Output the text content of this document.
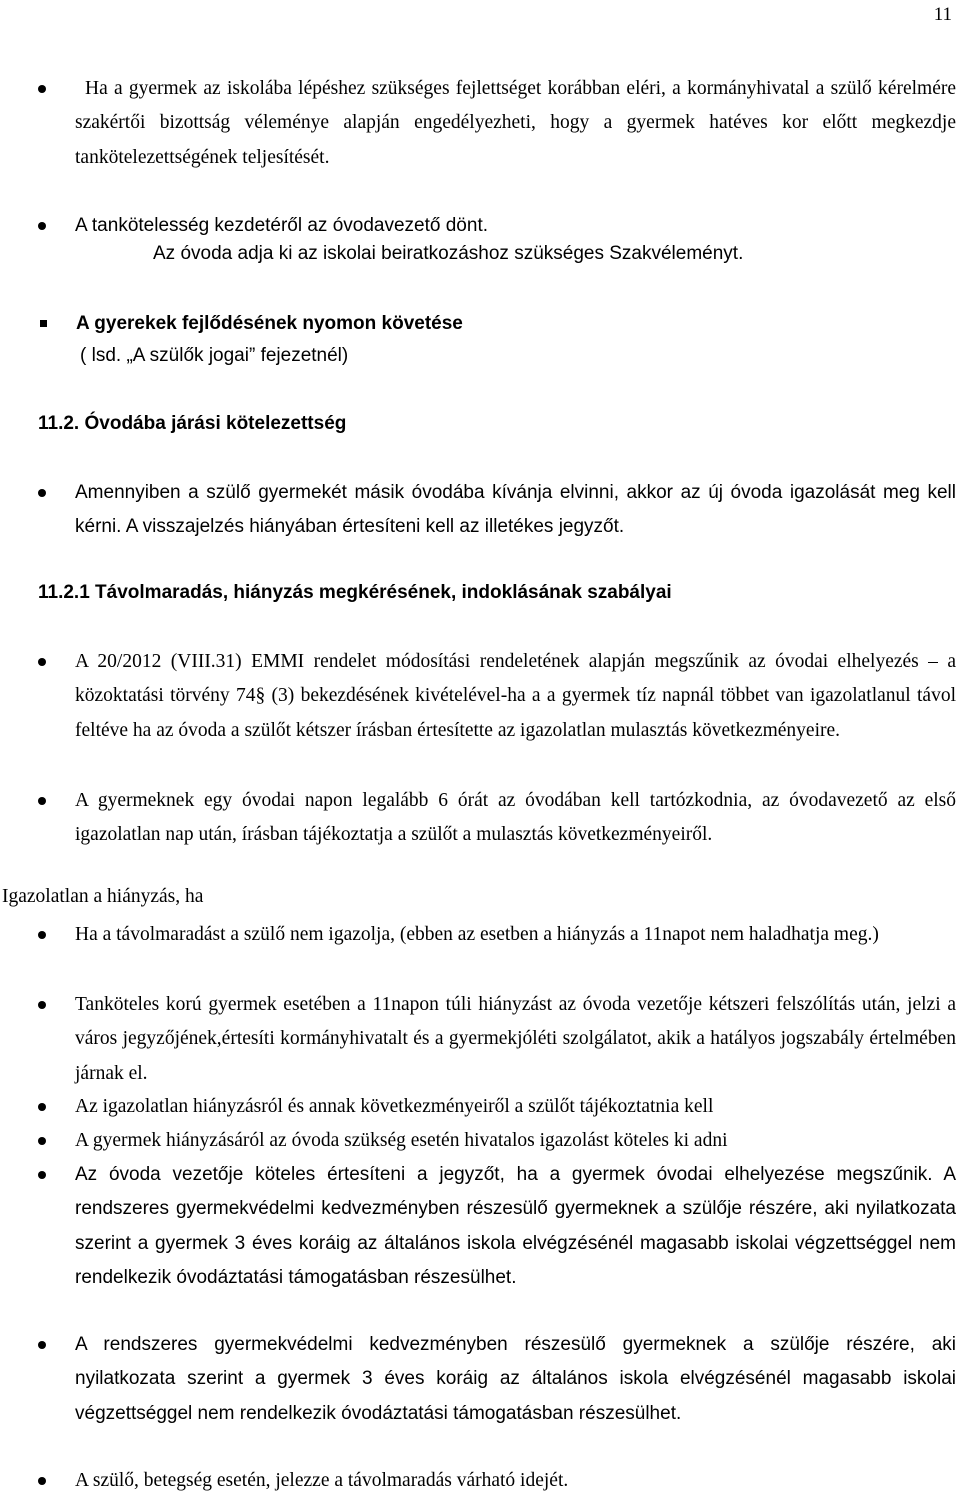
11
Ha a gyermek az iskolába lépéshez szükséges fejlettséget korábban eléri, a kormányhivatal a szülő kérelmére szakértői bizottság véleménye alapján engedélyezheti, hogy a gyermek hatéves kor előtt megkezdje tankötelezettségének teljesítését.
A tankötelesség kezdetéről az óvodavezető dönt.
Az óvoda adja ki az iskolai beiratkozáshoz szükséges Szakvéleményt.
A gyerekek fejlődésének nyomon követése
( lsd. „A szülők jogai” fejezetnél)
11.2. Óvodába járási kötelezettség
Amennyiben a szülő gyermekét másik óvodába kívánja elvinni, akkor az új óvoda igazolását meg kell kérni. A visszajelzés hiányában értesíteni kell az illetékes jegyzőt.
11.2.1 Távolmaradás, hiányzás megkérésének, indoklásának szabályai
A 20/2012 (VIII.31) EMMI rendelet módosítási rendeletének alapján megszűnik az óvodai elhelyezés – a közoktatási törvény 74§ (3) bekezdésének kivételével-ha a a gyermek tíz napnál többet van igazolatlanul távol feltéve ha az óvoda a szülőt kétszer írásban értesítette az igazolatlan mulasztás következményeire.
A gyermeknek egy óvodai napon legalább 6 órát az óvodában kell tartózkodnia, az óvodavezető az első igazolatlan nap után, írásban tájékoztatja a szülőt a mulasztás következményeiről.
Igazolatlan a hiányzás, ha
Ha a távolmaradást a szülő nem igazolja, (ebben az esetben a hiányzás a 11napot nem haladhatja meg.)
Tanköteles korú gyermek esetében a 11napon túli hiányzást az óvoda vezetője kétszeri felszólítás után, jelzi a város jegyzőjének,értesíti kormányhivatalt és a gyermekjóléti szolgálatot, akik a hatályos jogszabály értelmében járnak el.
Az igazolatlan hiányzásról és annak következményeiről a szülőt tájékoztatnia kell
A gyermek hiányzásáról az óvoda szükség esetén hivatalos igazolást köteles ki adni
Az óvoda vezetője köteles értesíteni a jegyzőt, ha a gyermek óvodai elhelyezése megszűnik. A rendszeres gyermekvédelmi kedvezményben részesülő gyermeknek a szülője részére, aki nyilatkozata szerint a gyermek 3 éves koráig az általános iskola elvégzésénél magasabb iskolai végzettséggel nem rendelkezik óvodáztatási támogatásban részesülhet.
A rendszeres gyermekvédelmi kedvezményben részesülő gyermeknek a szülője részére, aki nyilatkozata szerint a gyermek 3 éves koráig az általános iskola elvégzésénél magasabb iskolai végzettséggel nem rendelkezik óvodáztatási támogatásban részesülhet.
A szülő, betegség esetén, jelezze a távolmaradás várható idejét.
